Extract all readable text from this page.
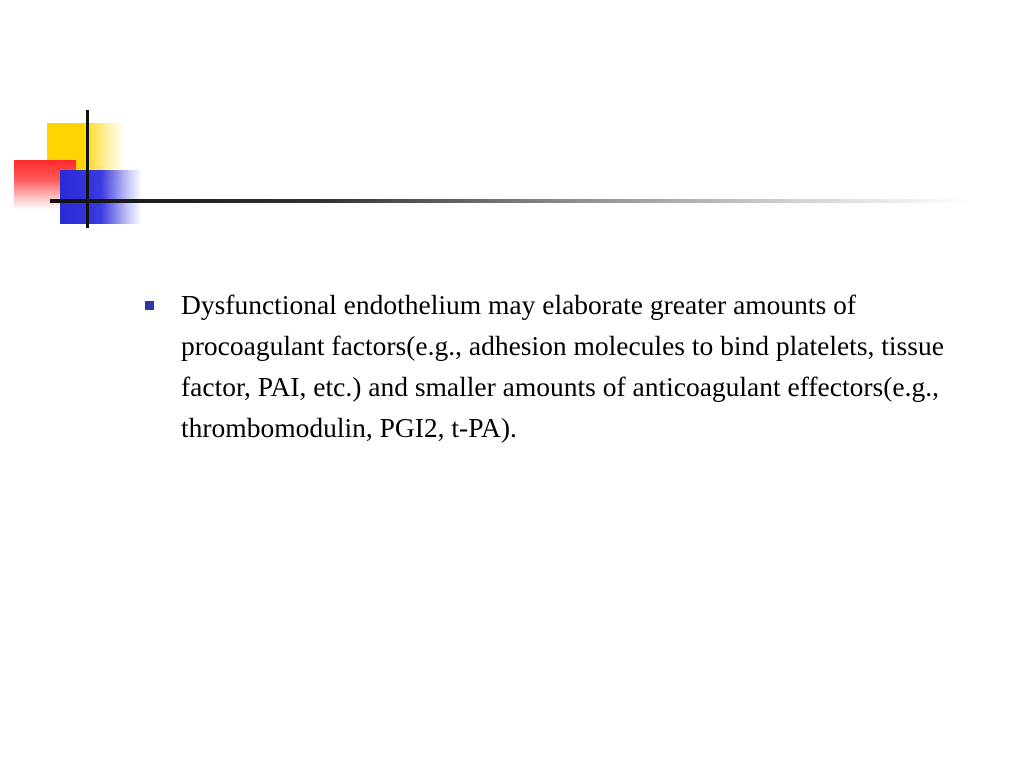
Dysfunctional endothelium may elaborate greater amounts of procoagulant factors(e.g., adhesion molecules to bind platelets, tissue factor, PAI, etc.) and smaller amounts of anticoagulant effectors(e.g., thrombomodulin, PGI2, t-PA).
